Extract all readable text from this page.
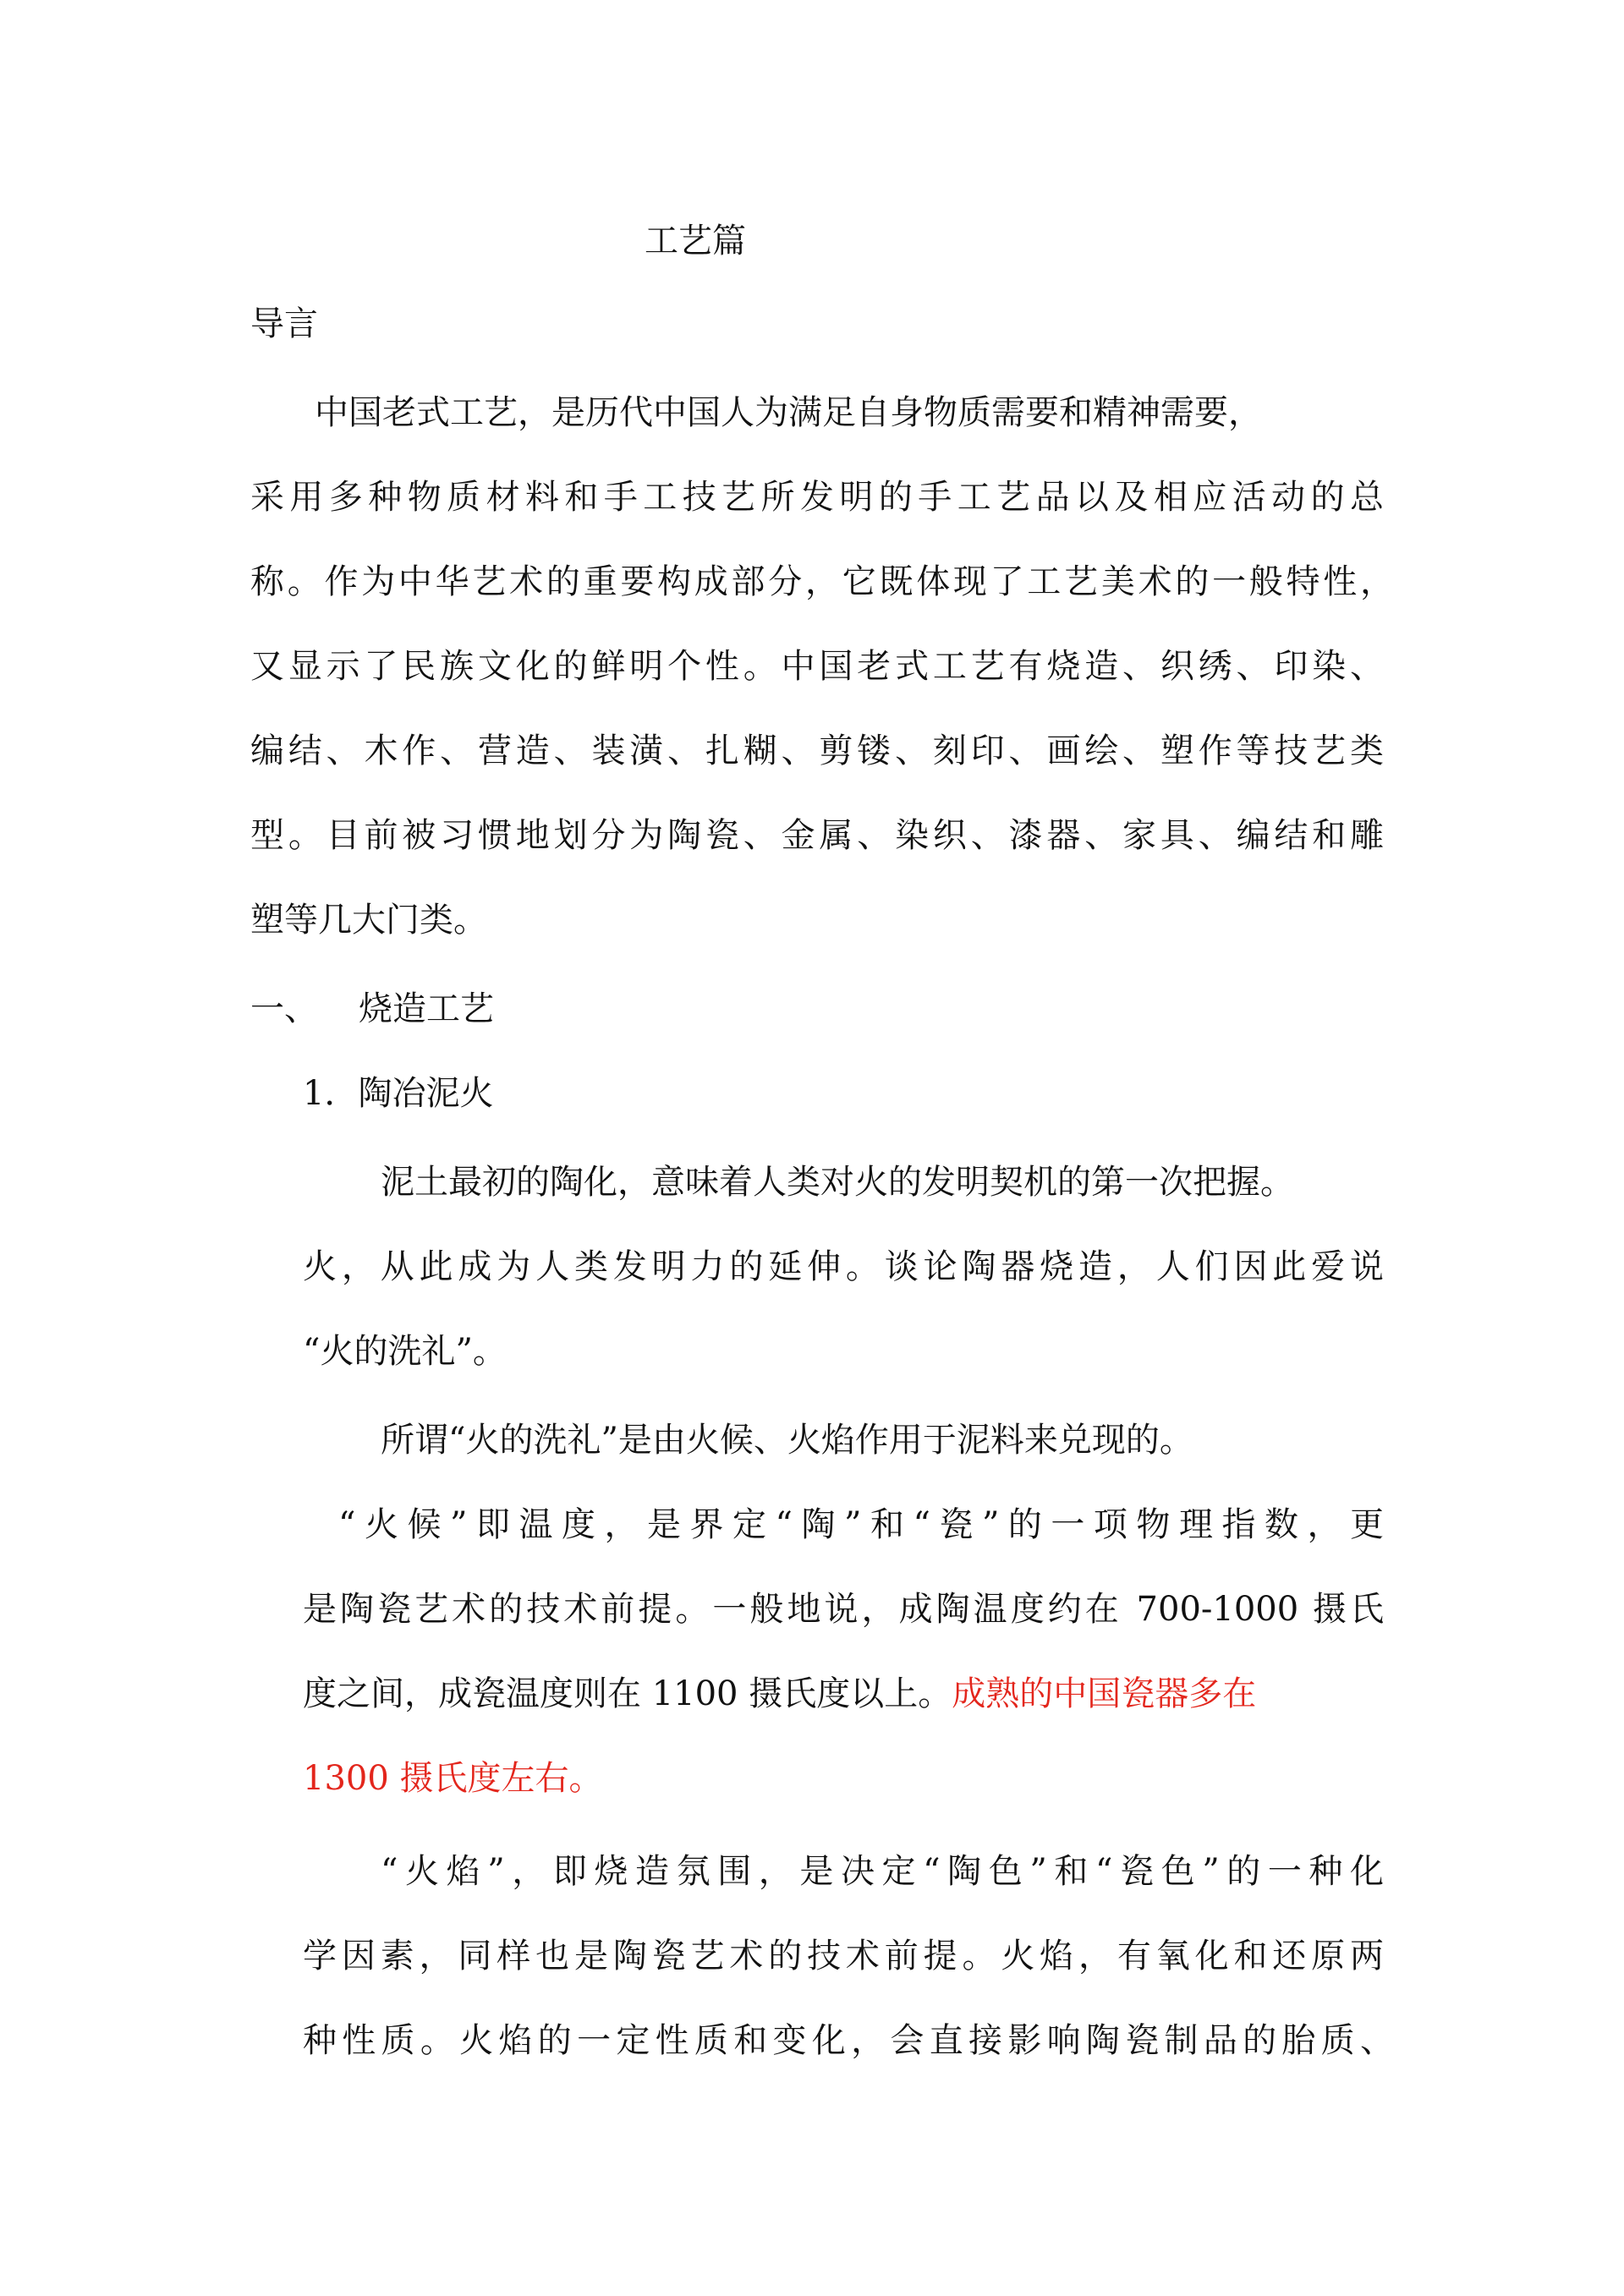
工艺篇
导言
中国老式工艺，是历代中国人为满足自身物质需要和精神需要，
采用多种物质材料和手工技艺所发明的手工艺品以及相应活动的总
称。作为中华艺术的重要构成部分，它既体现了工艺美术的一般特性，
又显示了民族文化的鲜明个性。中国老式工艺有烧造、织绣、印染、
编结、木作、营造、装潢、扎糊、剪镂、刻印、画绘、塑作等技艺类
型。目前被习惯地划分为陶瓷、金属、染织、漆器、家具、编结和雕
塑等几大门类。
一、 烧造工艺
1．陶冶泥火
泥土最初的陶化，意味着人类对火的发明契机的第一次把握。
火，从此成为人类发明力的延伸。谈论陶器烧造，人们因此爱说
“火的洗礼”。
所谓“火的洗礼”是由火候、火焰作用于泥料来兑现的。
“火候”即温度，是界定“陶”和“瓷”的一项物理指数，更
是陶瓷艺术的技术前提。一般地说，成陶温度约在 700-1000 摄氏
度之间，成瓷温度则在 1100 摄氏度以上。成熟的中国瓷器多在
1300 摄氏度左右。
“火焰”，即烧造氛围，是决定“陶色”和“瓷色”的一种化
学因素，同样也是陶瓷艺术的技术前提。火焰，有氧化和还原两
种性质。火焰的一定性质和变化，会直接影响陶瓷制品的胎质、
